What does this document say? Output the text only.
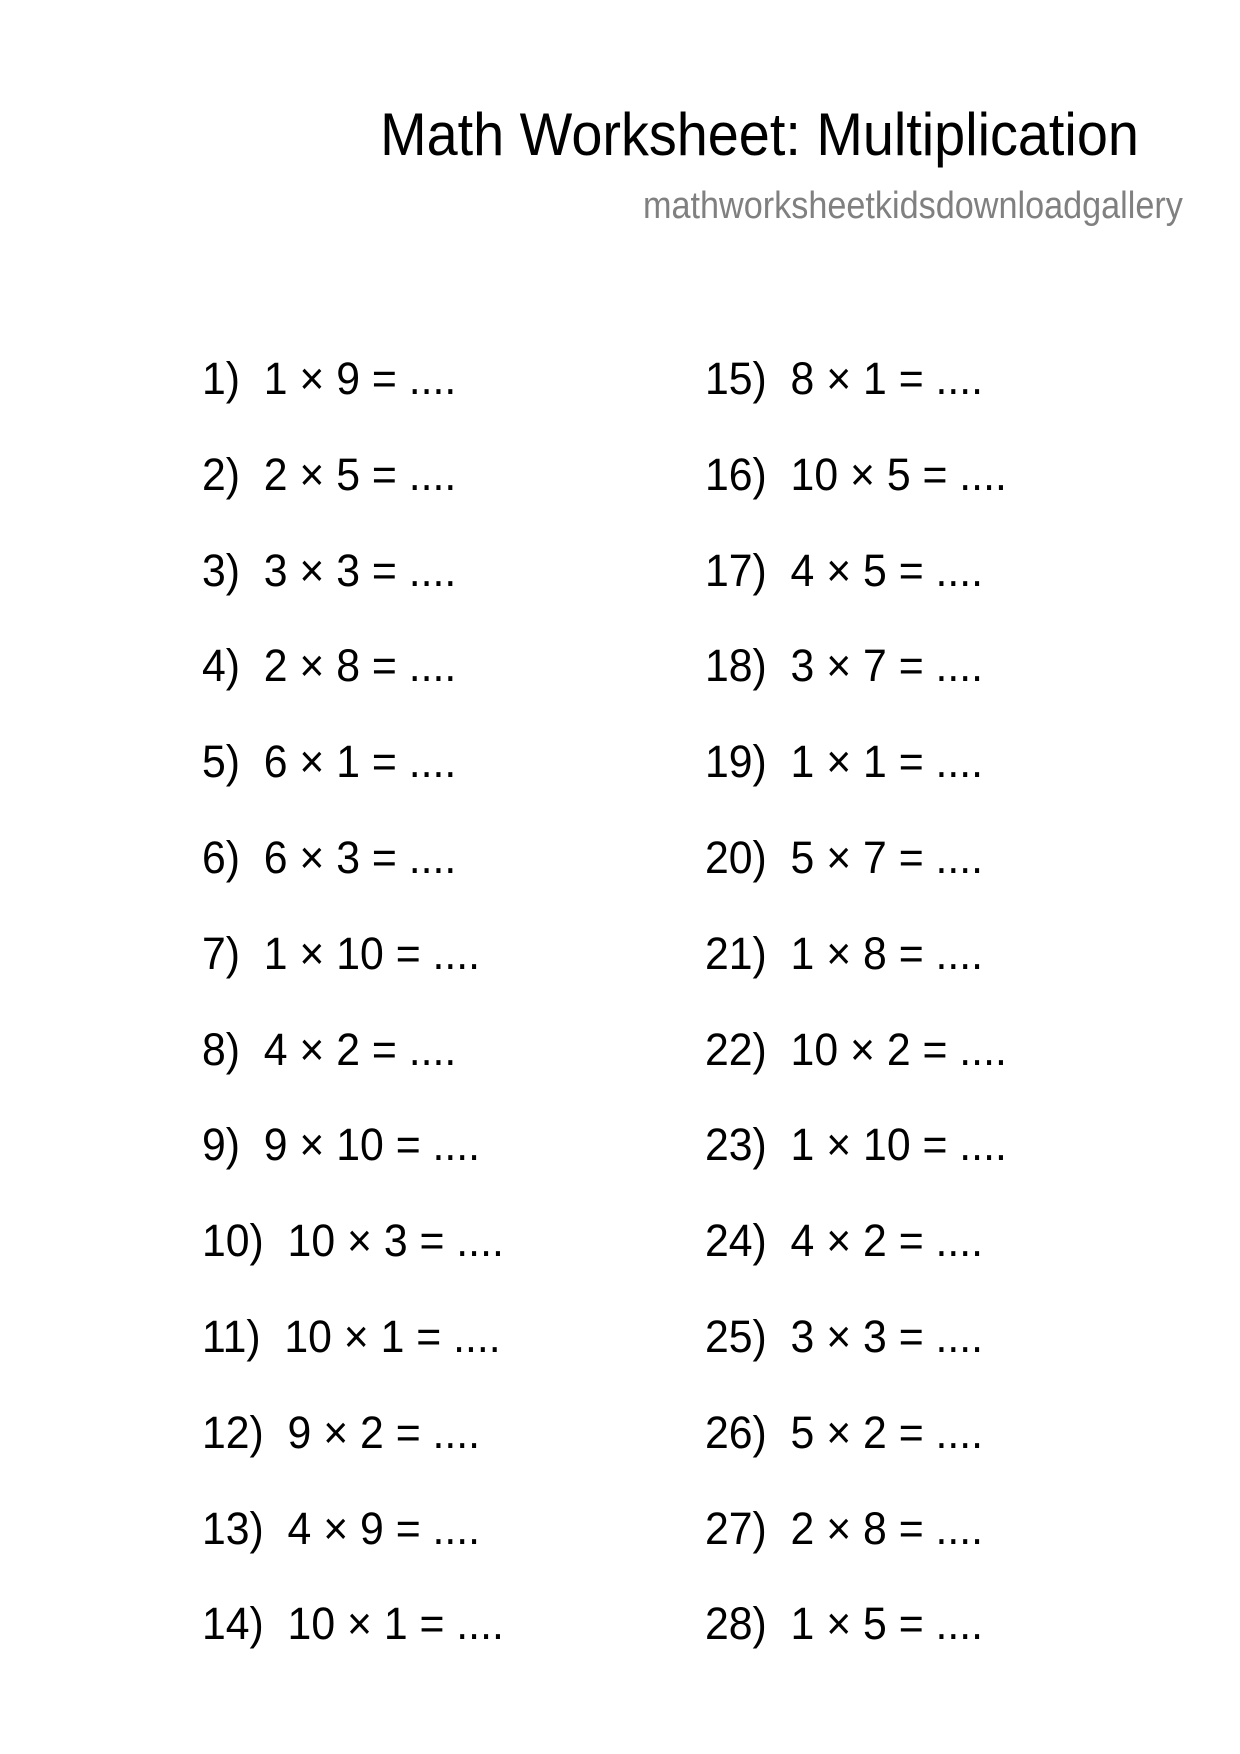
Math Worksheet: Multiplication
mathworksheetkidsdownloadgallery
1)  1 × 9 = ....
2)  2 × 5 = ....
3)  3 × 3 = ....
4)  2 × 8 = ....
5)  6 × 1 = ....
6)  6 × 3 = ....
7)  1 × 10 = ....
8)  4 × 2 = ....
9)  9 × 10 = ....
10)  10 × 3 = ....
11)  10 × 1 = ....
12)  9 × 2 = ....
13)  4 × 9 = ....
14)  10 × 1 = ....
15)  8 × 1 = ....
16)  10 × 5 = ....
17)  4 × 5 = ....
18)  3 × 7 = ....
19)  1 × 1 = ....
20)  5 × 7 = ....
21)  1 × 8 = ....
22)  10 × 2 = ....
23)  1 × 10 = ....
24)  4 × 2 = ....
25)  3 × 3 = ....
26)  5 × 2 = ....
27)  2 × 8 = ....
28)  1 × 5 = ....
